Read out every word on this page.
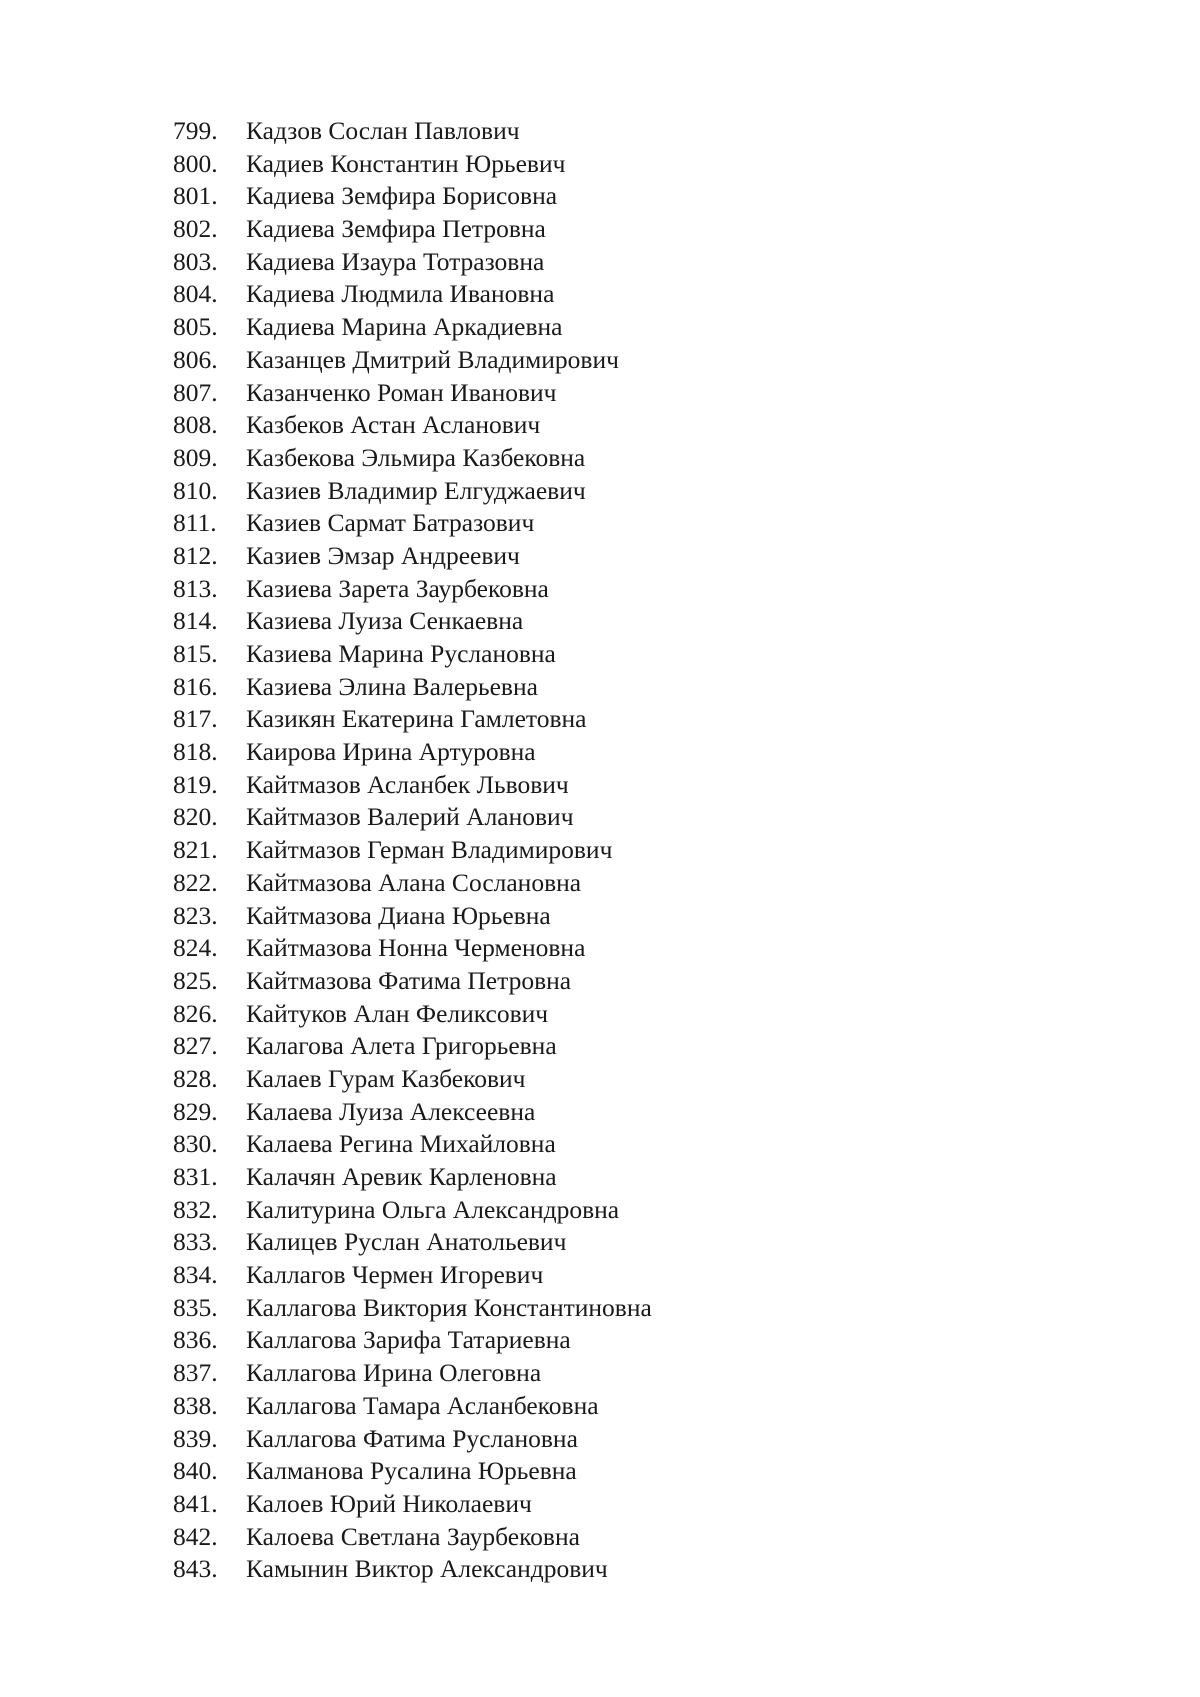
799. Кадзов Сослан Павлович
800. Кадиев Константин Юрьевич
801. Кадиева Земфира Борисовна
802. Кадиева Земфира Петровна
803. Кадиева Изаура Тотразовна
804. Кадиева Людмила Ивановна
805. Кадиева Марина Аркадиевна
806. Казанцев Дмитрий Владимирович
807. Казанченко Роман Иванович
808. Казбеков Астан Асланович
809. Казбекова Эльмира Казбековна
810. Казиев Владимир Елгуджаевич
811. Казиев Сармат Батразович
812. Казиев Эмзар Андреевич
813. Казиева Зарета Заурбековна
814. Казиева Луиза Сенкаевна
815. Казиева Марина Руслановна
816. Казиева Элина Валерьевна
817. Казикян Екатерина Гамлетовна
818. Каирова Ирина Артуровна
819. Кайтмазов Асланбек Львович
820. Кайтмазов Валерий Аланович
821. Кайтмазов Герман Владимирович
822. Кайтмазова Алана Сослановна
823. Кайтмазова Диана Юрьевна
824. Кайтмазова Нонна Черменовна
825. Кайтмазова Фатима Петровна
826. Кайтуков Алан Феликсович
827. Калагова Алета Григорьевна
828. Калаев Гурам Казбекович
829. Калаева Луиза Алексеевна
830. Калаева Регина Михайловна
831. Калачян Аревик Карленовна
832. Калитурина Ольга Александровна
833. Калицев Руслан Анатольевич
834. Каллагов Чермен Игоревич
835. Каллагова Виктория Константиновна
836. Каллагова Зарифа Татариевна
837. Каллагова Ирина Олеговна
838. Каллагова Тамара Асланбековна
839. Каллагова Фатима Руслановна
840. Калманова Русалина Юрьевна
841. Калоев Юрий Николаевич
842. Калоева Светлана Заурбековна
843. Камынин Виктор Александрович
